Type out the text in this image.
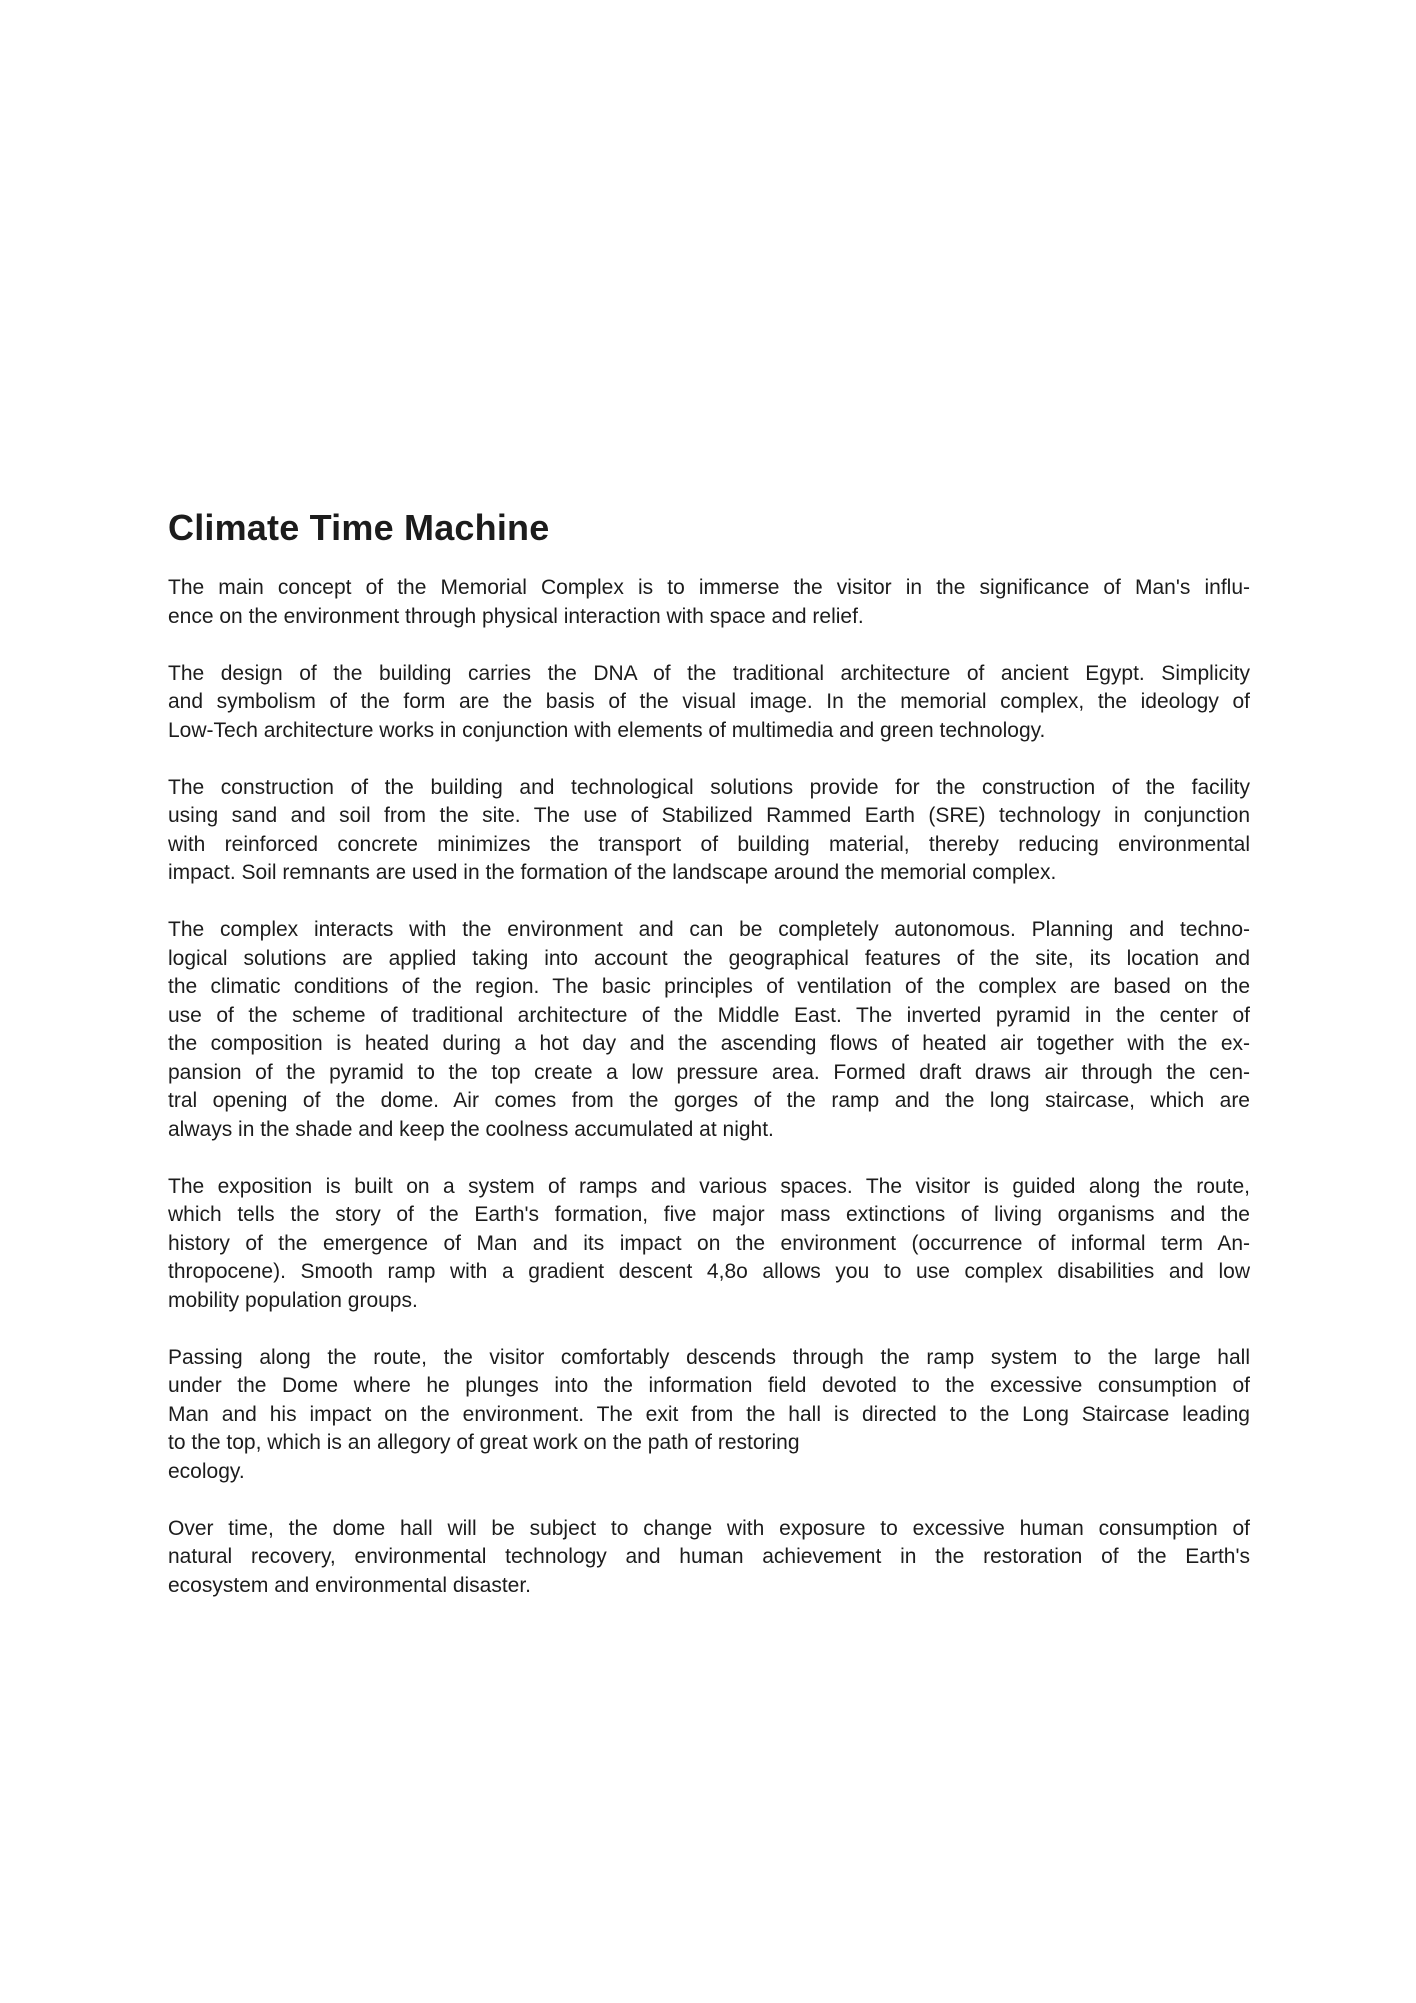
Climate Time Machine

The main concept of the Memorial Complex is to immerse the visitor in the significance of Man's influ-
ence on the environment through physical interaction with space and relief.

The design of the building carries the DNA of the traditional architecture of ancient Egypt. Simplicity
and symbolism of the form are the basis of the visual image. In the memorial complex, the ideology of
Low-Tech architecture works in conjunction with elements of multimedia and green technology.

The construction of the building and technological solutions provide for the construction of the facility
using sand and soil from the site. The use of Stabilized Rammed Earth (SRE) technology in conjunction
with reinforced concrete minimizes the transport of building material, thereby reducing environmental
impact. Soil remnants are used in the formation of the landscape around the memorial complex.

The complex interacts with the environment and can be completely autonomous. Planning and techno-
logical solutions are applied taking into account the geographical features of the site, its location and
the climatic conditions of the region. The basic principles of ventilation of the complex are based on the
use of the scheme of traditional architecture of the Middle East. The inverted pyramid in the center of
the composition is heated during a hot day and the ascending flows of heated air together with the ex-
pansion of the pyramid to the top create a low pressure area. Formed draft draws air through the cen-
tral opening of the dome. Air comes from the gorges of the ramp and the long staircase, which are
always in the shade and keep the coolness accumulated at night.

The exposition is built on a system of ramps and various spaces. The visitor is guided along the route,
which tells the story of the Earth's formation, five major mass extinctions of living organisms and the
history of the emergence of Man and its impact on the environment (occurrence of informal term An-
thropocene). Smooth ramp with a gradient descent 4,8o allows you to use complex disabilities and low
mobility population groups.

Passing along the route, the visitor comfortably descends through the ramp system to the large hall
under the Dome where he plunges into the information field devoted to the excessive consumption of
Man and his impact on the environment. The exit from the hall is directed to the Long Staircase leading
to the top, which is an allegory of great work on the path of restoring
ecology.

Over time, the dome hall will be subject to change with exposure to excessive human consumption of
natural recovery, environmental technology and human achievement in the restoration of the Earth's
ecosystem and environmental disaster.
